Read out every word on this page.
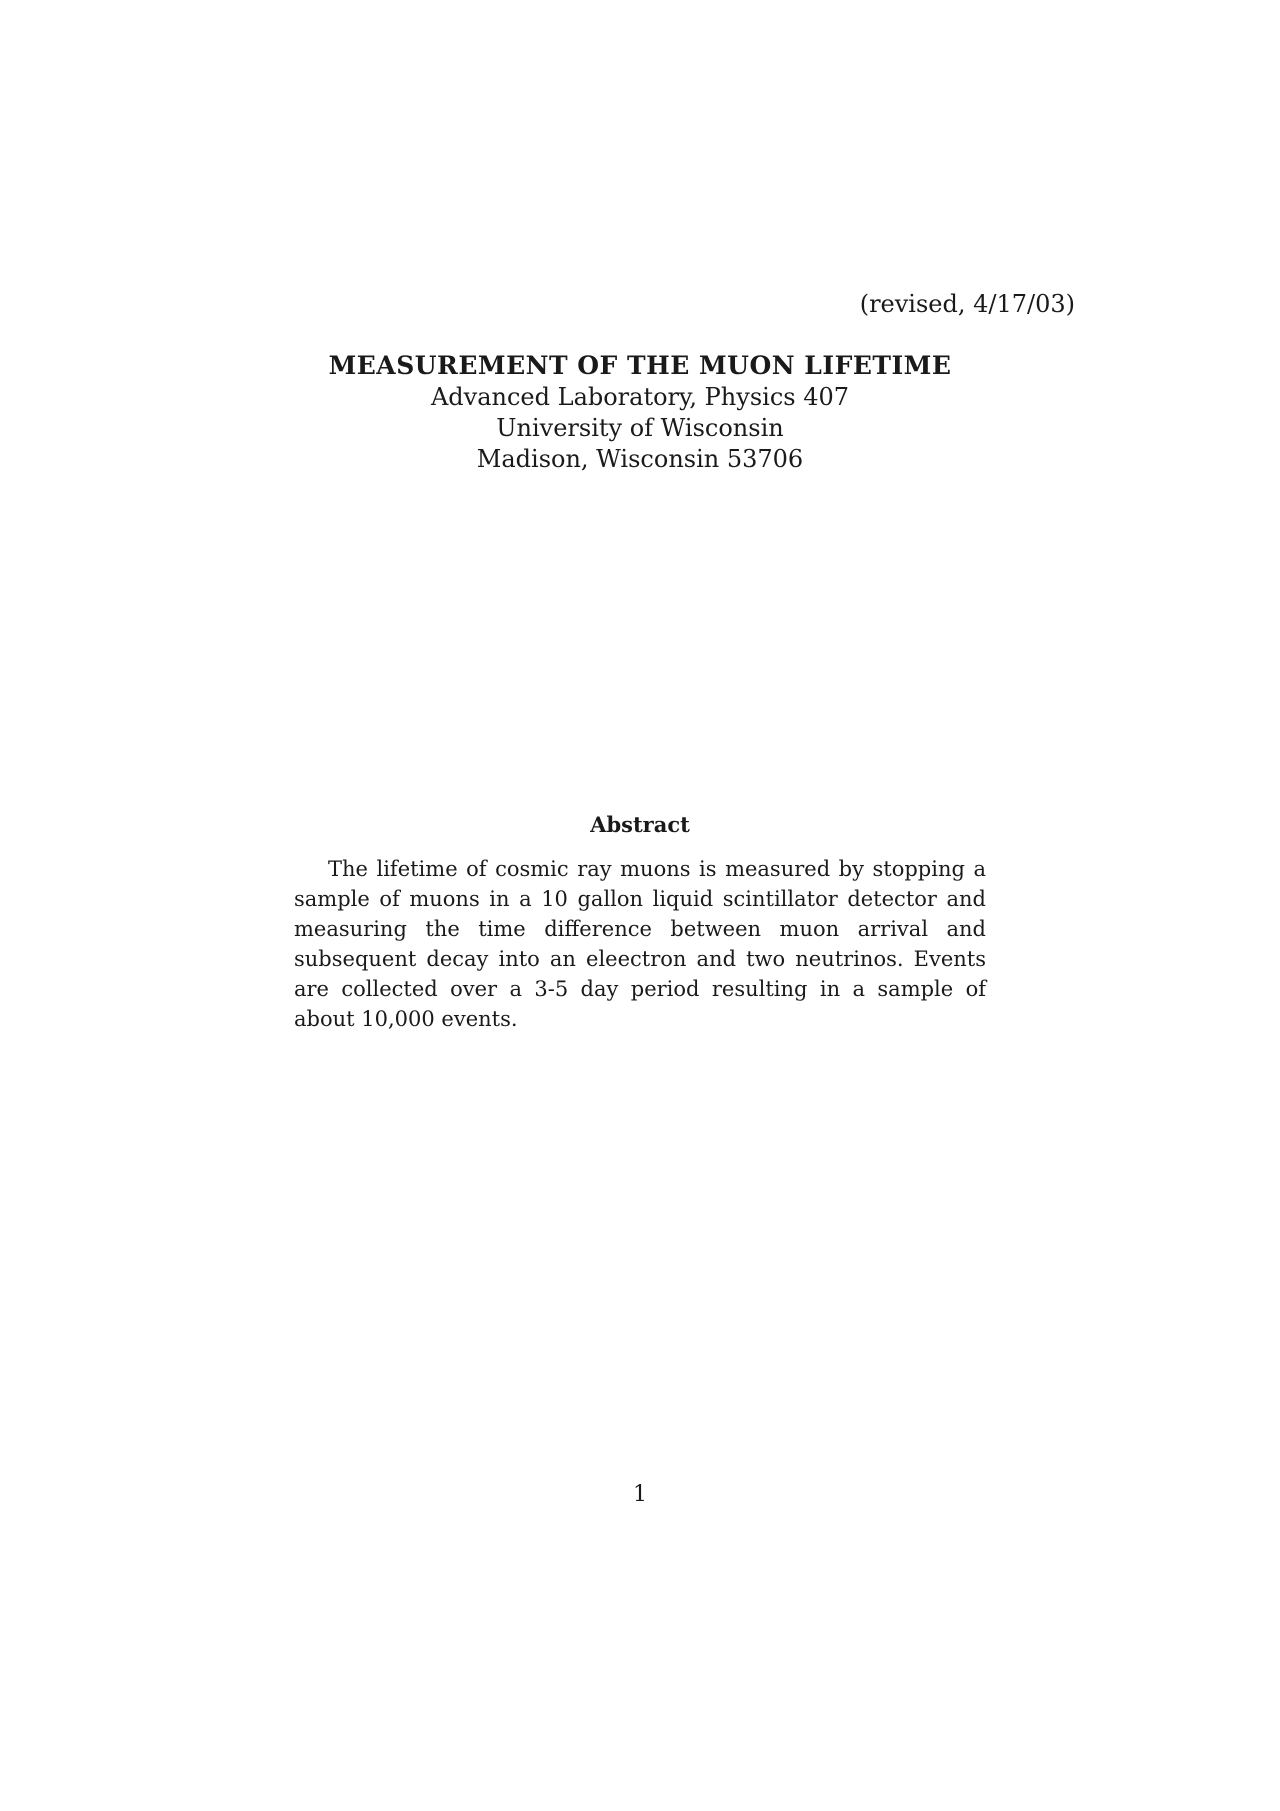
(revised, 4/17/03)
MEASUREMENT OF THE MUON LIFETIME
Advanced Laboratory, Physics 407
University of Wisconsin
Madison, Wisconsin 53706
Abstract
The lifetime of cosmic ray muons is measured by stopping a sample of muons in a 10 gallon liquid scintillator detector and measuring the time difference between muon arrival and subsequent decay into an eleectron and two neutrinos. Events are collected over a 3-5 day period resulting in a sample of about 10,000 events.
1
